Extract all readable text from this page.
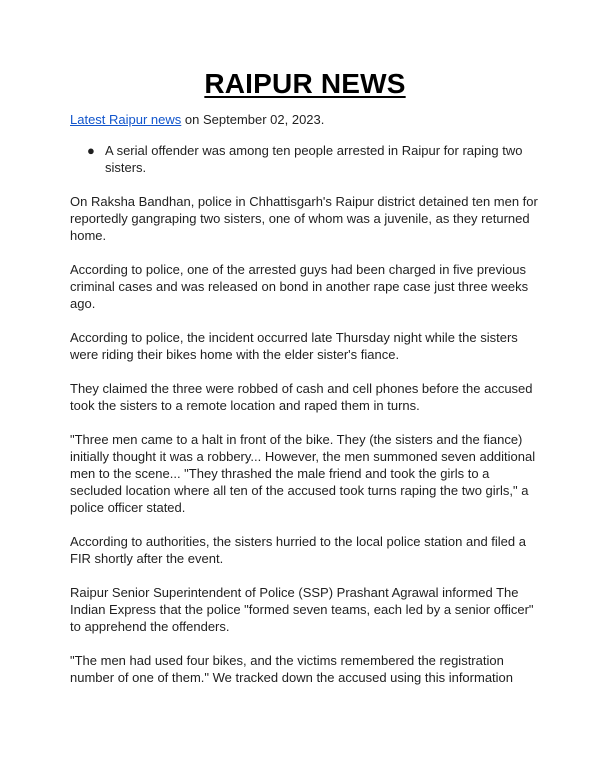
RAIPUR NEWS
Latest Raipur news on September 02, 2023.
● A serial offender was among ten people arrested in Raipur for raping two sisters.

On Raksha Bandhan, police in Chhattisgarh's Raipur district detained ten men for reportedly gangraping two sisters, one of whom was a juvenile, as they returned home.

According to police, one of the arrested guys had been charged in five previous criminal cases and was released on bond in another rape case just three weeks ago.

According to police, the incident occurred late Thursday night while the sisters were riding their bikes home with the elder sister's fiance.

They claimed the three were robbed of cash and cell phones before the accused took the sisters to a remote location and raped them in turns.

"Three men came to a halt in front of the bike. They (the sisters and the fiance) initially thought it was a robbery... However, the men summoned seven additional men to the scene... "They thrashed the male friend and took the girls to a secluded location where all ten of the accused took turns raping the two girls," a police officer stated.

According to authorities, the sisters hurried to the local police station and filed a FIR shortly after the event.

Raipur Senior Superintendent of Police (SSP) Prashant Agrawal informed The Indian Express that the police "formed seven teams, each led by a senior officer" to apprehend the offenders.

"The men had used four bikes, and the victims remembered the registration number of one of them." We tracked down the accused using this information
